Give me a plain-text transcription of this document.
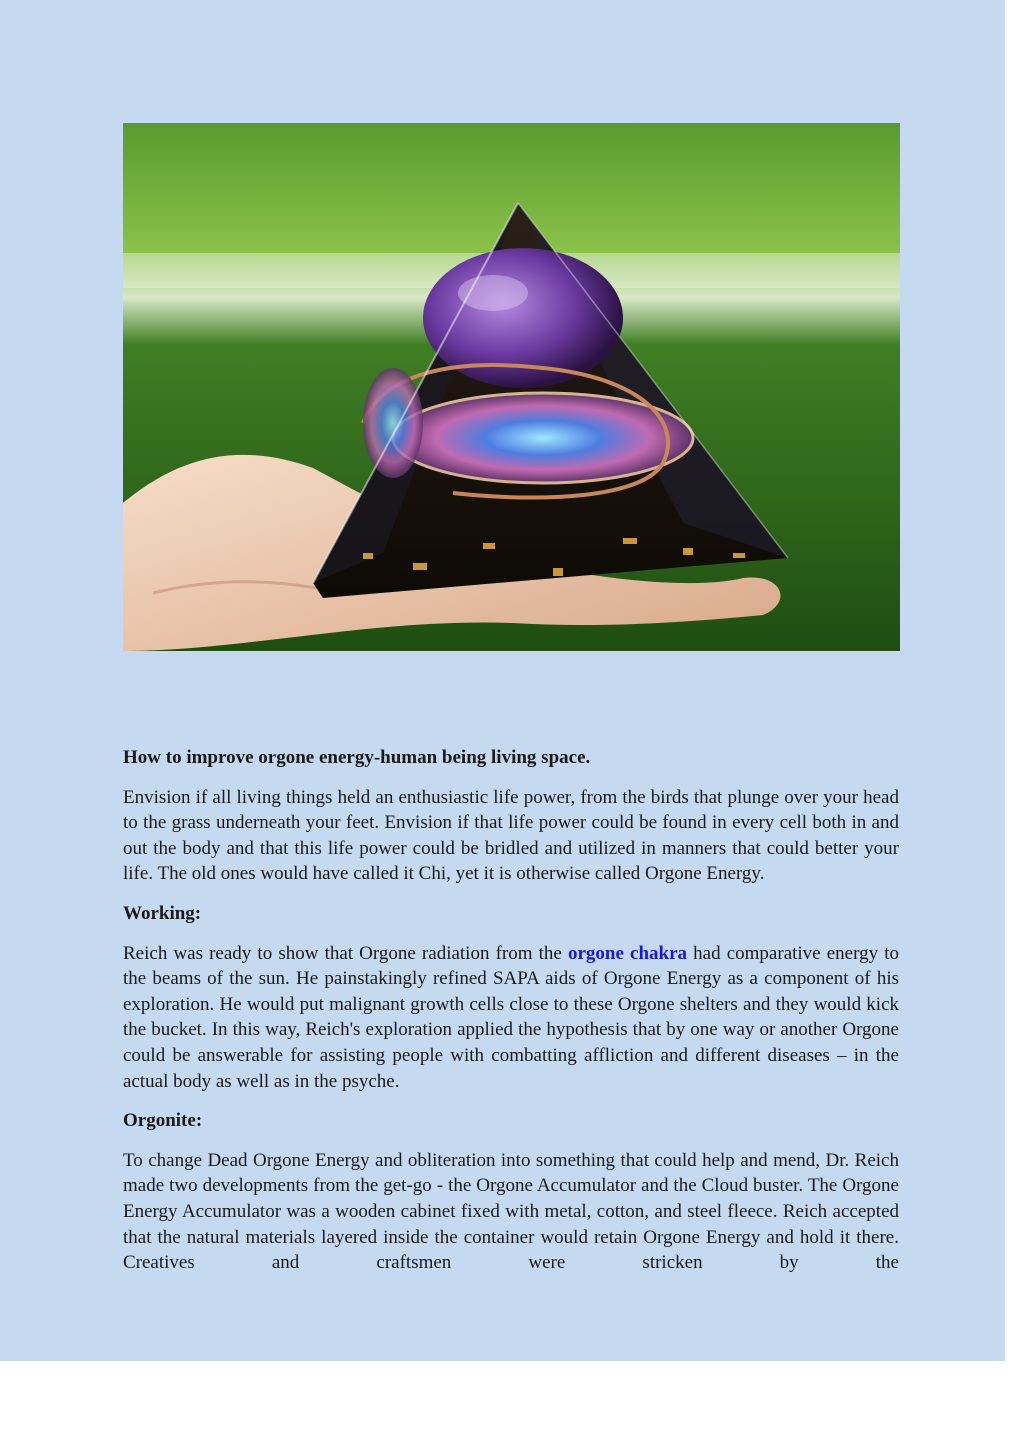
How to improve orgone energy-human being living space.

Envision if all living things held an enthusiastic life power, from the birds that plunge over your head to the grass underneath your feet. Envision if that life power could be found in every cell both in and out the body and that this life power could be bridled and utilized in manners that could better your life. The old ones would have called it Chi, yet it is otherwise called Orgone Energy.

Working:

Reich was ready to show that Orgone radiation from the orgone chakra had comparative energy to the beams of the sun. He painstakingly refined SAPA aids of Orgone Energy as a component of his exploration. He would put malignant growth cells close to these Orgone shelters and they would kick the bucket. In this way, Reich's exploration applied the hypothesis that by one way or another Orgone could be answerable for assisting people with combatting affliction and different diseases – in the actual body as well as in the psyche.

Orgonite:

To change Dead Orgone Energy and obliteration into something that could help and mend, Dr. Reich made two developments from the get-go - the Orgone Accumulator and the Cloud buster. The Orgone Energy Accumulator was a wooden cabinet fixed with metal, cotton, and steel fleece. Reich accepted that the natural materials layered inside the container would retain Orgone Energy and hold it there. Creatives and craftsmen were stricken by the
